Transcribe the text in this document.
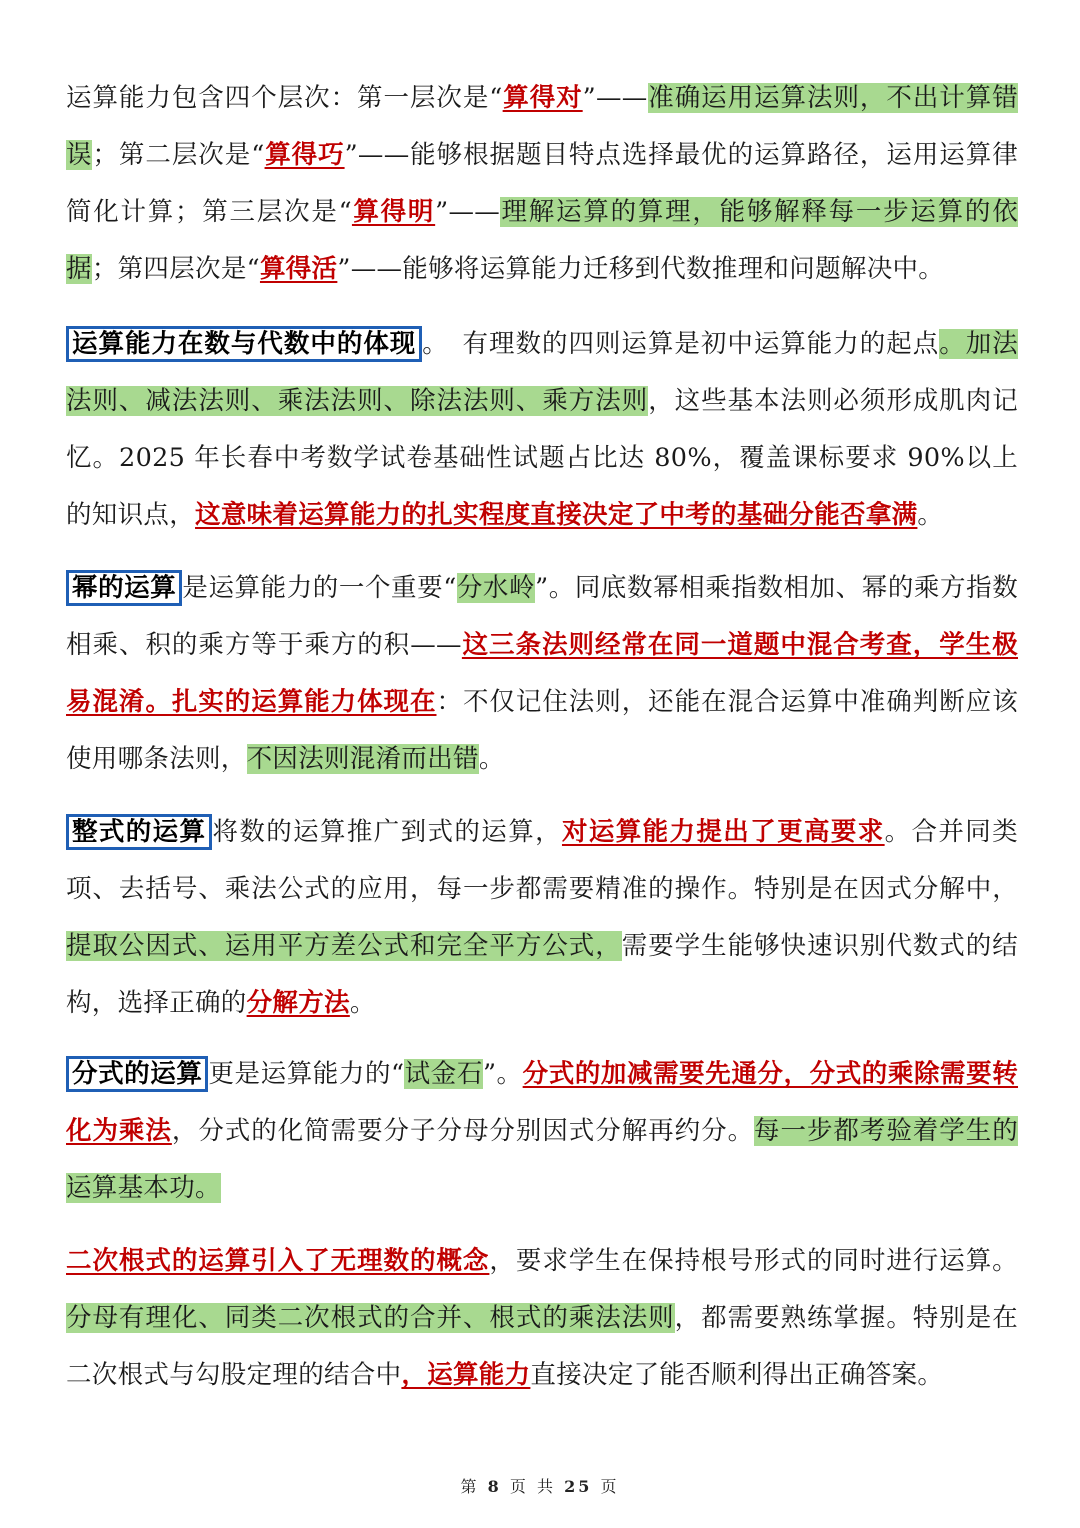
运算能力包含四个层次：第一层次是“算得对”——准确运用运算法则，不出计算错误；第二层次是“算得巧”——能够根据题目特点选择最优的运算路径，运用运算律简化计算；第三层次是“算得明”——理解运算的算理，能够解释每一步运算的依据；第四层次是“算得活”——能够将运算能力迁移到代数推理和问题解决中。

运算能力在数与代数中的体现 。　有理数的四则运算是初中运算能力的起点。加法法则、减法法则、乘法法则、除法法则、乘方法则，这些基本法则必须形成肌肉记忆。2025 年长春中考数学试卷基础性试题占比达 80%，覆盖课标要求 90%以上的知识点，这意味着运算能力的扎实程度直接决定了中考的基础分能否拿满。

幂的运算 是运算能力的一个重要“分水岭”。同底数幂相乘指数相加、幂的乘方指数相乘、积的乘方等于乘方的积——这三条法则经常在同一道题中混合考查，学生极易混淆。扎实的运算能力体现在：不仅记住法则，还能在混合运算中准确判断应该使用哪条法则，不因法则混淆而出错。

整式的运算 将数的运算推广到式的运算，对运算能力提出了更高要求。合并同类项、去括号、乘法公式的应用，每一步都需要精准的操作。特别是在因式分解中，提取公因式、运用平方差公式和完全平方公式，需要学生能够快速识别代数式的结构，选择正确的分解方法。

分式的运算 更是运算能力的“试金石”。分式的加减需要先通分，分式的乘除需要转化为乘法，分式的化简需要分子分母分别因式分解再约分。每一步都考验着学生的运算基本功。

二次根式的运算引入了无理数的概念，要求学生在保持根号形式的同时进行运算。分母有理化、同类二次根式的合并、根式的乘法法则，都需要熟练掌握。特别是在二次根式与勾股定理的结合中，运算能力直接决定了能否顺利得出正确答案。

第 8 页 共 25 页
